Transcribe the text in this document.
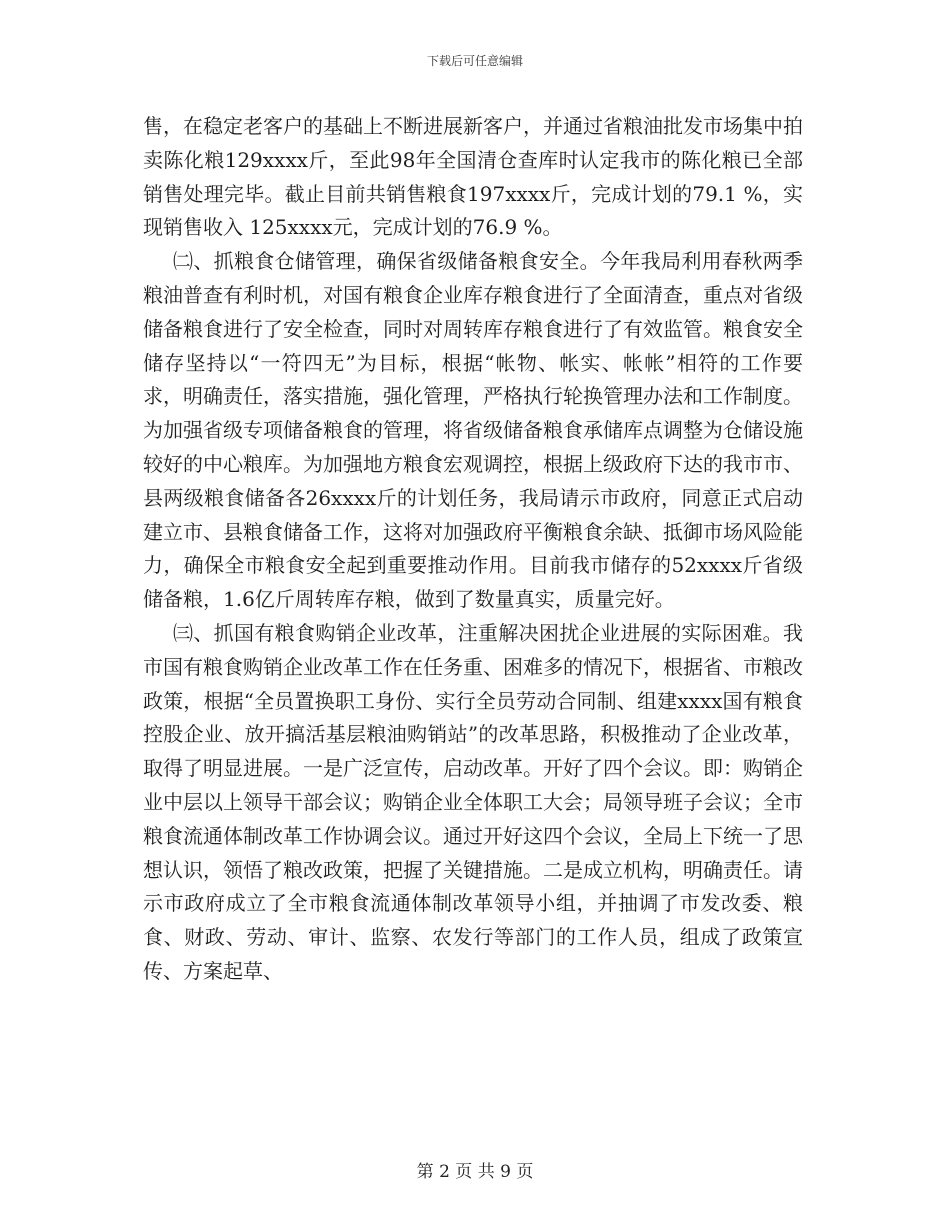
下载后可任意编辑

售，在稳定老客户的基础上不断进展新客户，并通过省粮油批发市场集中拍卖陈化粮129xxxx斤，至此98年全国清仓查库时认定我市的陈化粮已全部销售处理完毕。截止目前共销售粮食197xxxx斤，完成计划的79.1 %，实现销售收入 125xxxx元，完成计划的76.9 %。

㈡、抓粮食仓储管理，确保省级储备粮食安全。今年我局利用春秋两季粮油普查有利时机，对国有粮食企业库存粮食进行了全面清查，重点对省级储备粮食进行了安全检查，同时对周转库存粮食进行了有效监管。粮食安全储存坚持以“一符四无”为目标，根据“帐物、帐实、帐帐”相符的工作要求，明确责任，落实措施，强化管理，严格执行轮换管理办法和工作制度。为加强省级专项储备粮食的管理，将省级储备粮食承储库点调整为仓储设施较好的中心粮库。为加强地方粮食宏观调控，根据上级政府下达的我市市、县两级粮食储备各26xxxx斤的计划任务，我局请示市政府，同意正式启动建立市、县粮食储备工作，这将对加强政府平衡粮食余缺、抵御市场风险能力，确保全市粮食安全起到重要推动作用。目前我市储存的52xxxx斤省级储备粮，1.6亿斤周转库存粮，做到了数量真实，质量完好。

㈢、抓国有粮食购销企业改革，注重解决困扰企业进展的实际困难。我市国有粮食购销企业改革工作在任务重、困难多的情况下，根据省、市粮改政策，根据“全员置换职工身份、实行全员劳动合同制、组建xxxx国有粮食控股企业、放开搞活基层粮油购销站”的改革思路，积极推动了企业改革，取得了明显进展。一是广泛宣传，启动改革。开好了四个会议。即：购销企业中层以上领导干部会议；购销企业全体职工大会；局领导班子会议；全市粮食流通体制改革工作协调会议。通过开好这四个会议，全局上下统一了思想认识，领悟了粮改政策，把握了关键措施。二是成立机构，明确责任。请示市政府成立了全市粮食流通体制改革领导小组，并抽调了市发改委、粮食、财政、劳动、审计、监察、农发行等部门的工作人员，组成了政策宣传、方案起草、

第 2 页 共 9 页
